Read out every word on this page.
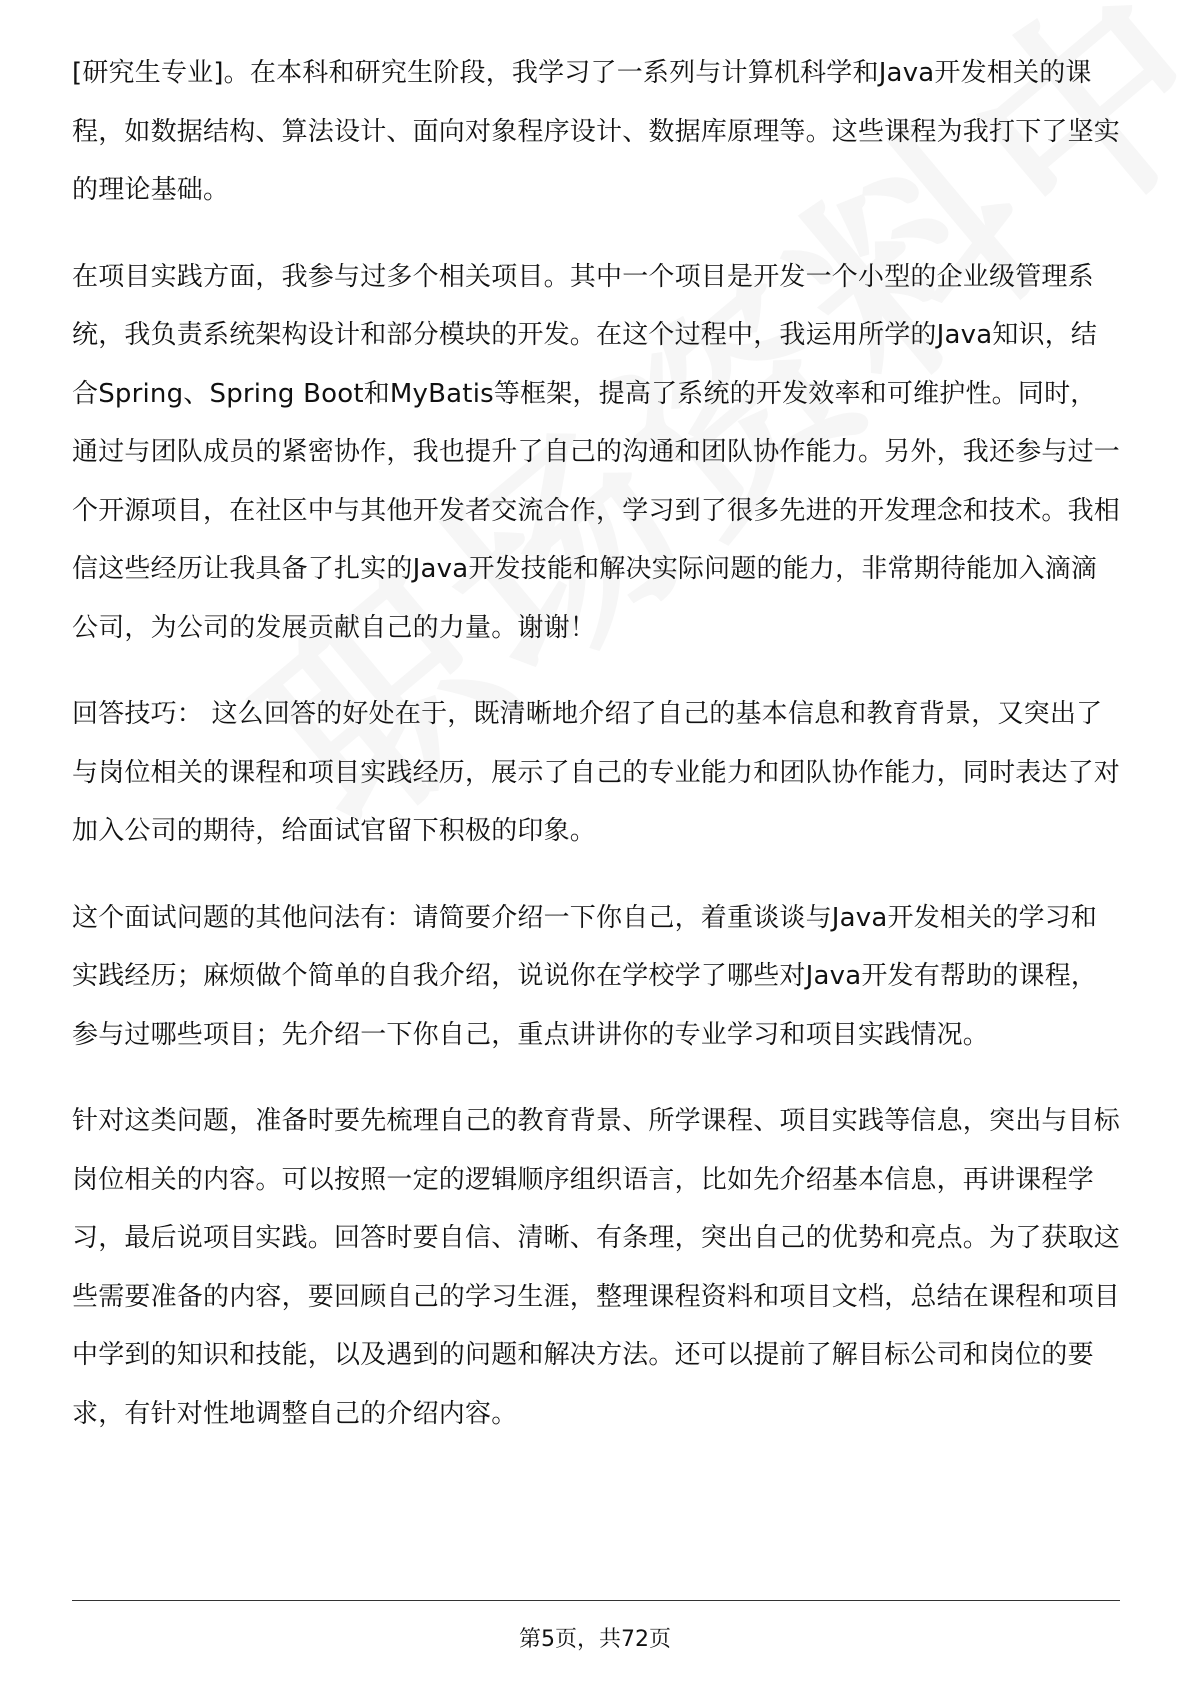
[研究生专业]。在本科和研究生阶段，我学习了一系列与计算机科学和Java开发相关的课程，如数据结构、算法设计、面向对象程序设计、数据库原理等。这些课程为我打下了坚实的理论基础。

在项目实践方面，我参与过多个相关项目。其中一个项目是开发一个小型的企业级管理系统，我负责系统架构设计和部分模块的开发。在这个过程中，我运用所学的Java知识，结合Spring、Spring Boot和MyBatis等框架，提高了系统的开发效率和可维护性。同时，通过与团队成员的紧密协作，我也提升了自己的沟通和团队协作能力。另外，我还参与过一个开源项目，在社区中与其他开发者交流合作，学习到了很多先进的开发理念和技术。我相信这些经历让我具备了扎实的Java开发技能和解决实际问题的能力，非常期待能加入滴滴公司，为公司的发展贡献自己的力量。谢谢！

回答技巧： 这么回答的好处在于，既清晰地介绍了自己的基本信息和教育背景，又突出了与岗位相关的课程和项目实践经历，展示了自己的专业能力和团队协作能力，同时表达了对加入公司的期待，给面试官留下积极的印象。

这个面试问题的其他问法有：请简要介绍一下你自己，着重谈谈与Java开发相关的学习和实践经历；麻烦做个简单的自我介绍，说说你在学校学了哪些对Java开发有帮助的课程，参与过哪些项目；先介绍一下你自己，重点讲讲你的专业学习和项目实践情况。

针对这类问题，准备时要先梳理自己的教育背景、所学课程、项目实践等信息，突出与目标岗位相关的内容。可以按照一定的逻辑顺序组织语言，比如先介绍基本信息，再讲课程学习，最后说项目实践。回答时要自信、清晰、有条理，突出自己的优势和亮点。为了获取这些需要准备的内容，要回顾自己的学习生涯，整理课程资料和项目文档，总结在课程和项目中学到的知识和技能，以及遇到的问题和解决方法。还可以提前了解目标公司和岗位的要求，有针对性地调整自己的介绍内容。

第5页，共72页
